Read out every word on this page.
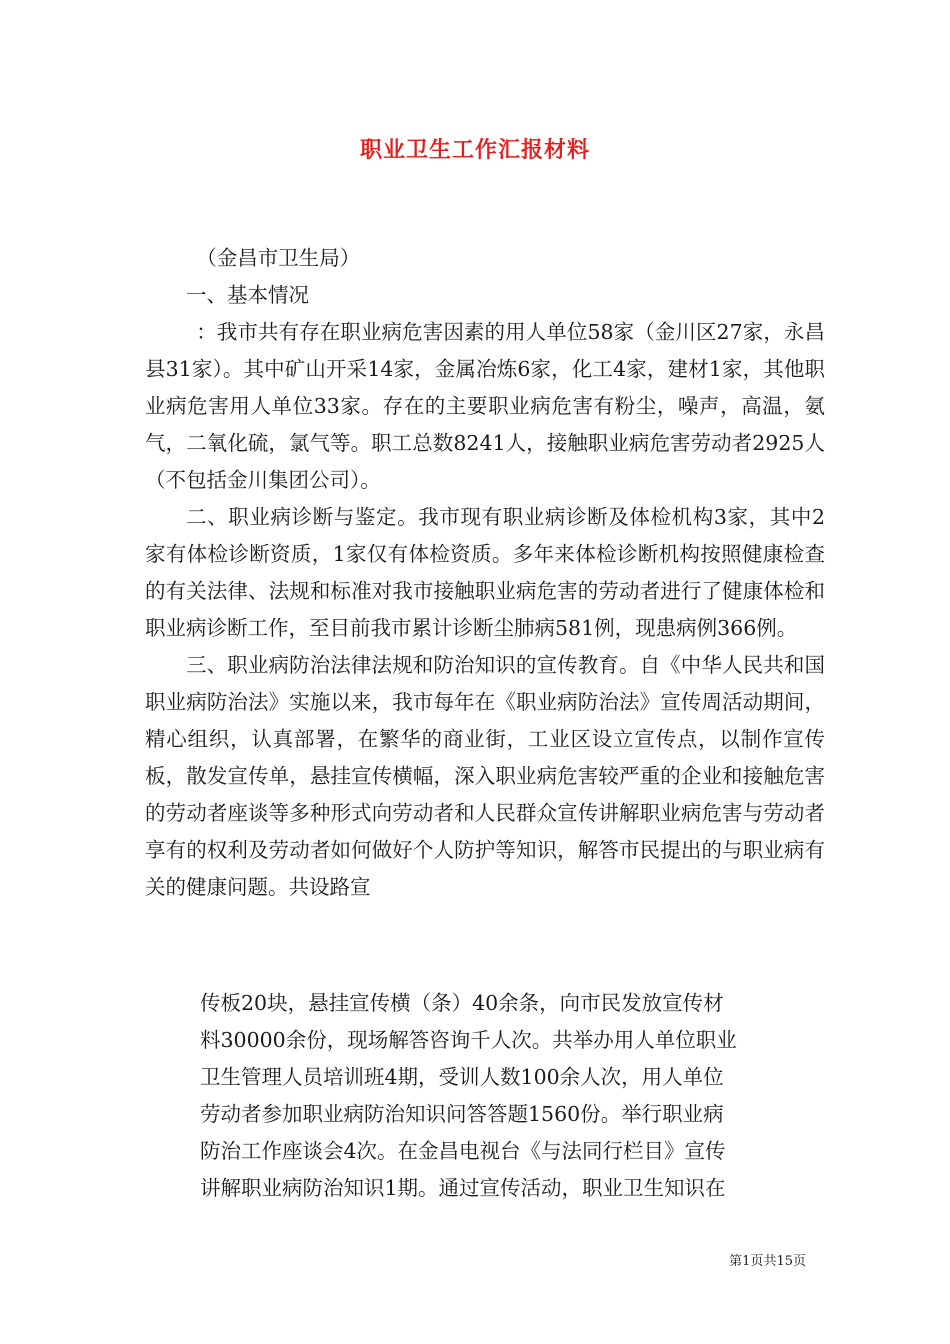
职业卫生工作汇报材料

（金昌市卫生局）

一、基本情况

：我市共有存在职业病危害因素的用人单位58家（金川区27家，永昌县31家）。其中矿山开采14家，金属冶炼6家，化工4家，建材1家，其他职业病危害用人单位33家。存在的主要职业病危害有粉尘，噪声，高温，氨气，二氧化硫，氯气等。职工总数8241人，接触职业病危害劳动者2925人（不包括金川集团公司）。

二、职业病诊断与鉴定。我市现有职业病诊断及体检机构3家，其中2家有体检诊断资质，1家仅有体检资质。多年来体检诊断机构按照健康检查的有关法律、法规和标准对我市接触职业病危害的劳动者进行了健康体检和职业病诊断工作，至目前我市累计诊断尘肺病581例，现患病例366例。

三、职业病防治法律法规和防治知识的宣传教育。自《中华人民共和国职业病防治法》实施以来，我市每年在《职业病防治法》宣传周活动期间，精心组织，认真部署，在繁华的商业街，工业区设立宣传点，以制作宣传板，散发宣传单，悬挂宣传横幅，深入职业病危害较严重的企业和接触危害的劳动者座谈等多种形式向劳动者和人民群众宣传讲解职业病危害与劳动者享有的权利及劳动者如何做好个人防护等知识，解答市民提出的与职业病有关的健康问题。共设路宣

传板20块，悬挂宣传横（条）40余条，向市民发放宣传材

料30000余份，现场解答咨询千人次。共举办用人单位职业

卫生管理人员培训班4期，受训人数100余人次，用人单位

劳动者参加职业病防治知识问答答题1560份。举行职业病

防治工作座谈会4次。在金昌电视台《与法同行栏目》宣传

讲解职业病防治知识1期。通过宣传活动，职业卫生知识在

第1页共15页
